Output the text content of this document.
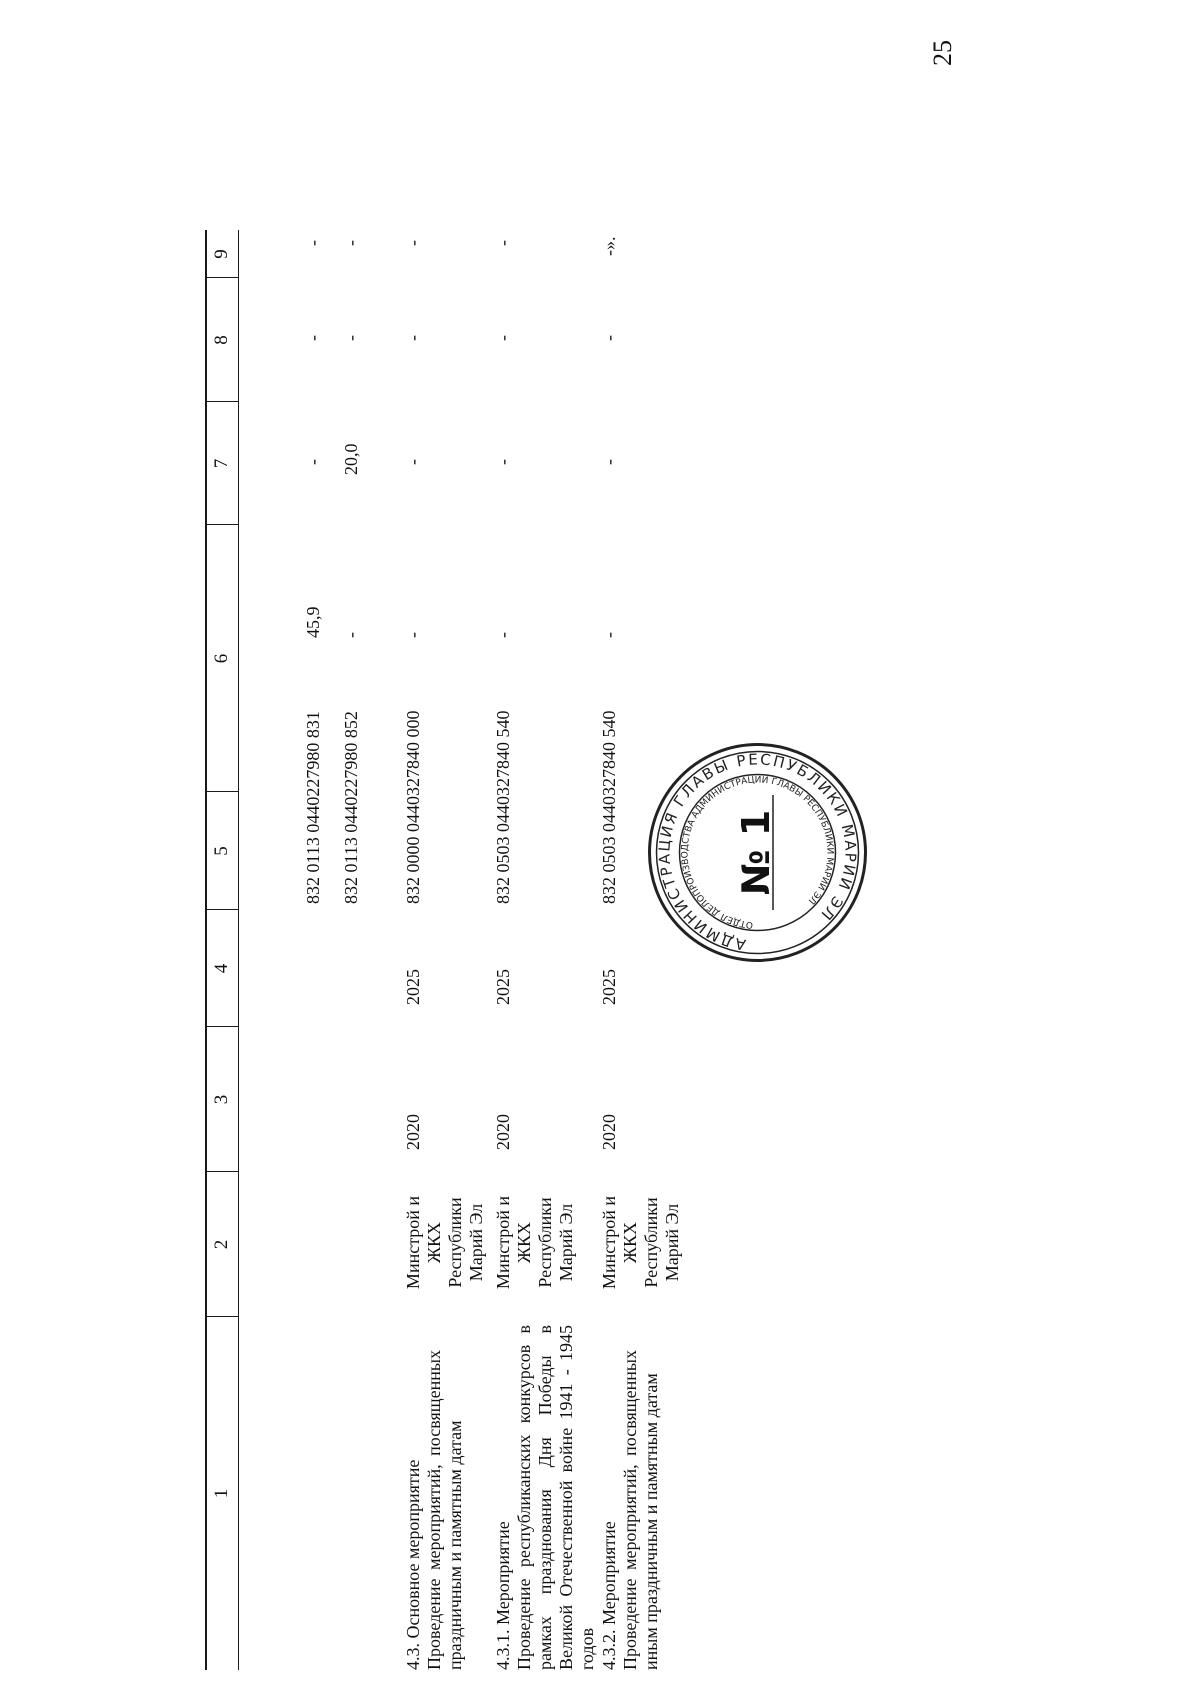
25
1
2
3
4
5
6
7
8
9
832 0113 0440227980 831
45,9
-
-
-
832 0113 0440227980 852
-
20,0
-
-
4.3. Основное мероприятие Проведение мероприятий, посвященных праздничным и памятным датам
Минстрой и ЖКХ Республики Марий Эл
2020
2025
832 0000 0440327840 000
-
-
-
-
4.3.1. Мероприятие Проведение республиканских конкурсов в рамках празднования Дня Победы в Великой Отечественной войне 1941 - 1945 годов
Минстрой и ЖКХ Республики Марий Эл
2020
2025
832 0503 0440327840 540
-
-
-
-
4.3.2. Мероприятие Проведение мероприятий, посвященных иным праздничным и памятным датам
Минстрой и ЖКХ Республики Марий Эл
2020
2025
832 0503 0440327840 540
-
-
-
-».
АДМИНИСТРАЦИЯ ГЛАВЫ РЕСПУБЛИКИ МАРИЙ ЭЛ
ОТДЕЛ ДЕЛОПРОИЗВОДСТВА АДМИНИСТРАЦИИ ГЛАВЫ РЕСПУБЛИКИ МАРИЙ ЭЛ
№ 1
